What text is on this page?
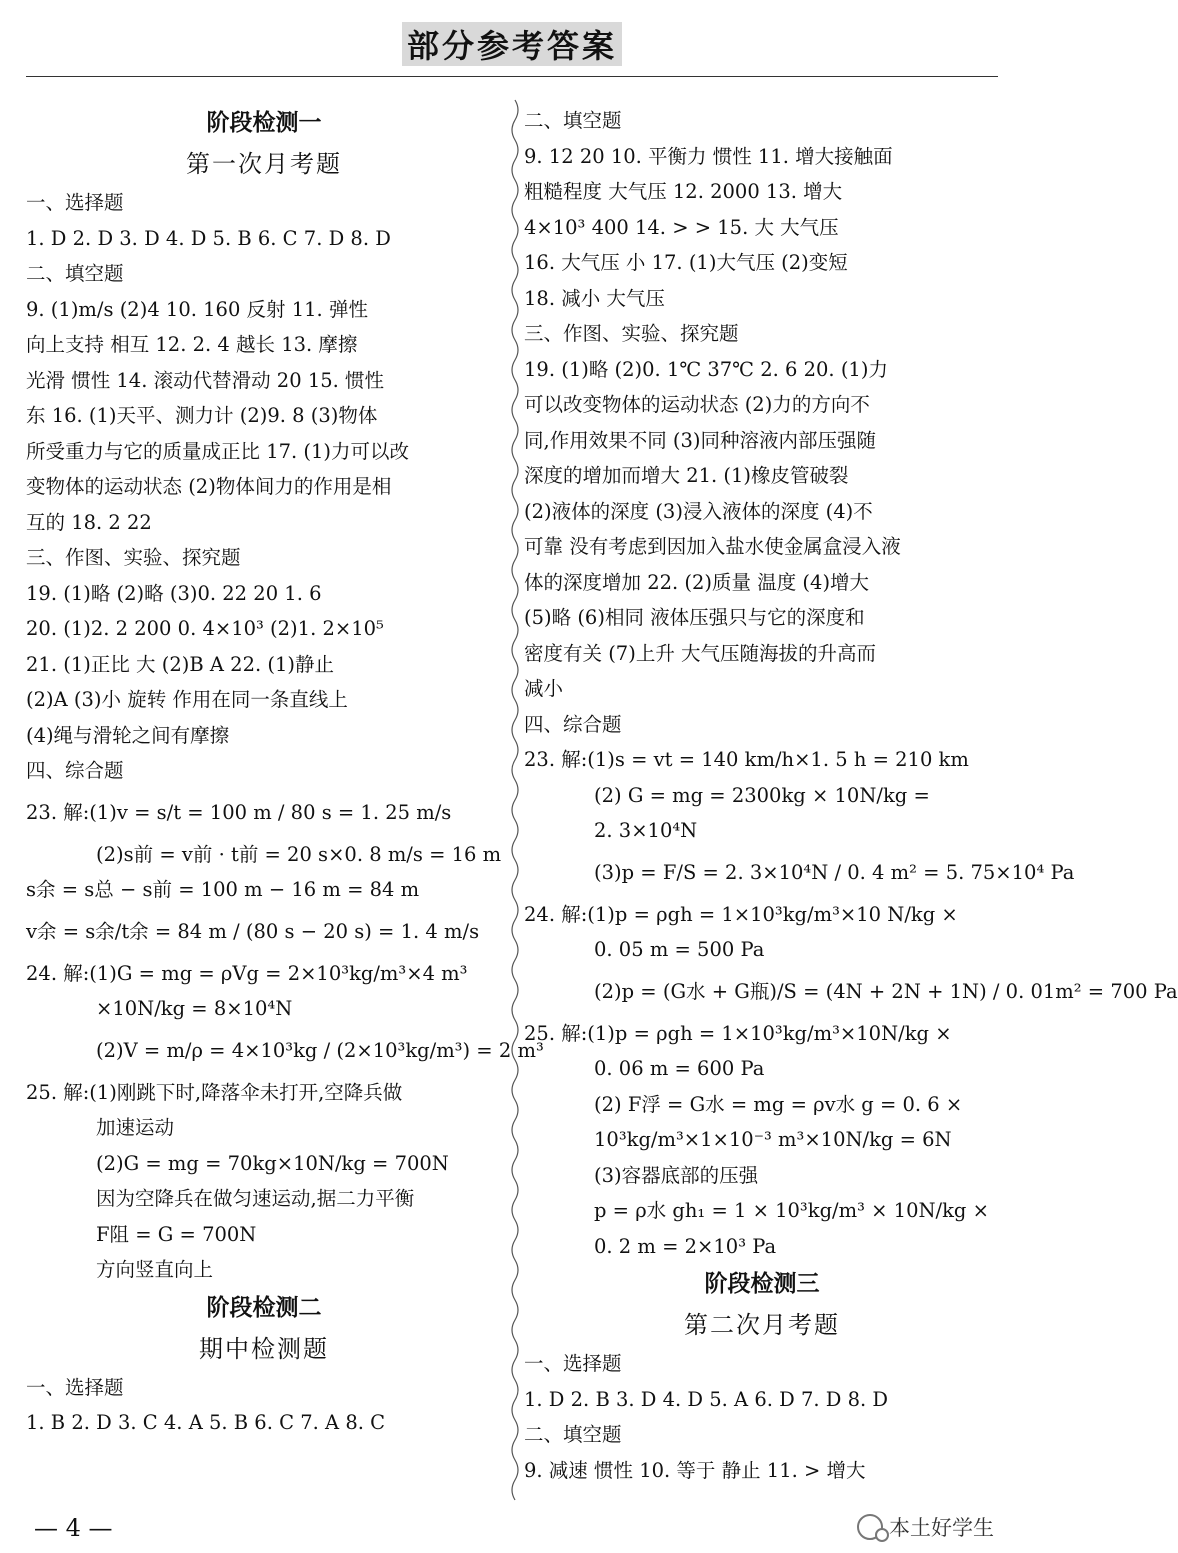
部分参考答案
阶段检测一
第一次月考题
一、选择题
1. D 2. D 3. D 4. D 5. B 6. C 7. D 8. D
二、填空题
9. (1)m/s (2)4 10. 160 反射 11. 弹性
向上支持 相互 12. 2. 4 越长 13. 摩擦
光滑 惯性 14. 滚动代替滑动 20 15. 惯性
东 16. (1)天平、测力计 (2)9. 8 (3)物体
所受重力与它的质量成正比 17. (1)力可以改
变物体的运动状态 (2)物体间力的作用是相
互的 18. 2 22
三、作图、实验、探究题
19. (1)略 (2)略 (3)0. 22 20 1. 6
20. (1)2. 2 200 0. 4×10³ (2)1. 2×10⁵
21. (1)正比 大 (2)B A 22. (1)静止
(2)A (3)小 旋转 作用在同一条直线上
(4)绳与滑轮之间有摩擦
四、综合题
23. 解:(1)v = s/t = 100 m / 80 s = 1. 25 m/s
(2)s前 = v前 · t前 = 20 s×0. 8 m/s = 16 m
s余 = s总 − s前 = 100 m − 16 m = 84 m
v余 = s余/t余 = 84 m / (80 s − 20 s) = 1. 4 m/s
24. 解:(1)G = mg = ρVg = 2×10³kg/m³×4 m³
×10N/kg = 8×10⁴N
(2)V = m/ρ = 4×10³kg / (2×10³kg/m³) = 2 m³
25. 解:(1)刚跳下时,降落伞未打开,空降兵做
加速运动
(2)G = mg = 70kg×10N/kg = 700N
因为空降兵在做匀速运动,据二力平衡
F阻 = G = 700N
方向竖直向上
阶段检测二
期中检测题
一、选择题
1. B 2. D 3. C 4. A 5. B 6. C 7. A 8. C
二、填空题
9. 12 20 10. 平衡力 惯性 11. 增大接触面
粗糙程度 大气压 12. 2000 13. 增大
4×10³ 400 14. > > 15. 大 大气压
16. 大气压 小 17. (1)大气压 (2)变短
18. 减小 大气压
三、作图、实验、探究题
19. (1)略 (2)0. 1℃ 37℃ 2. 6 20. (1)力
可以改变物体的运动状态 (2)力的方向不
同,作用效果不同 (3)同种溶液内部压强随
深度的增加而增大 21. (1)橡皮管破裂
(2)液体的深度 (3)浸入液体的深度 (4)不
可靠 没有考虑到因加入盐水使金属盒浸入液
体的深度增加 22. (2)质量 温度 (4)增大
(5)略 (6)相同 液体压强只与它的深度和
密度有关 (7)上升 大气压随海拔的升高而
减小
四、综合题
23. 解:(1)s = vt = 140 km/h×1. 5 h = 210 km
(2) G = mg = 2300kg × 10N/kg =
2. 3×10⁴N
(3)p = F/S = 2. 3×10⁴N / 0. 4 m² = 5. 75×10⁴ Pa
24. 解:(1)p = ρgh = 1×10³kg/m³×10 N/kg ×
0. 05 m = 500 Pa
(2)p = (G水 + G瓶)/S = (4N + 2N + 1N) / 0. 01m² = 700 Pa
25. 解:(1)p = ρgh = 1×10³kg/m³×10N/kg ×
0. 06 m = 600 Pa
(2) F浮 = G水 = mg = ρv水 g = 0. 6 ×
10³kg/m³×1×10⁻³ m³×10N/kg = 6N
(3)容器底部的压强
p = ρ水 gh₁ = 1 × 10³kg/m³ × 10N/kg ×
0. 2 m = 2×10³ Pa
阶段检测三
第二次月考题
一、选择题
1. D 2. B 3. D 4. D 5. A 6. D 7. D 8. D
二、填空题
9. 减速 惯性 10. 等于 静止 11. > 增大
— 4 —	本土好学生
